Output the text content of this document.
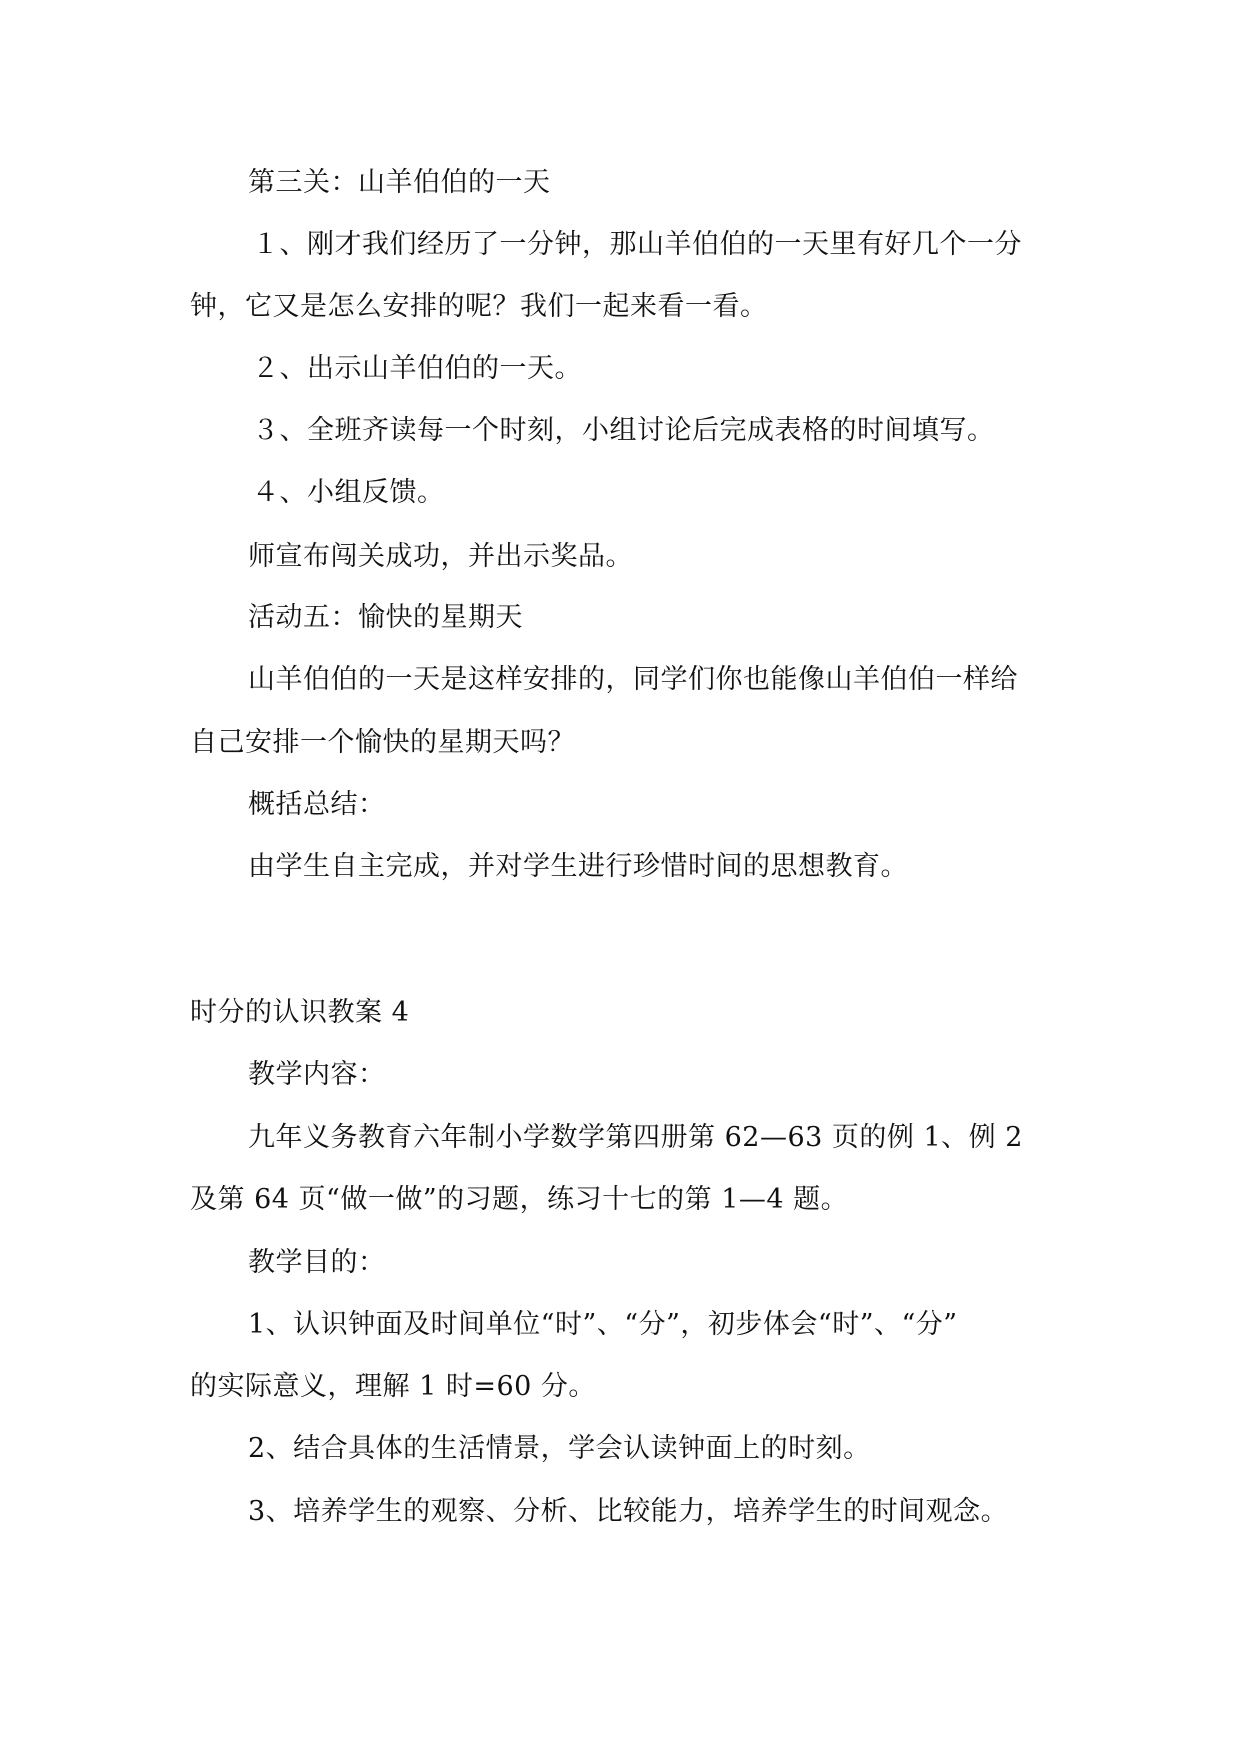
第三关：山羊伯伯的一天
１、刚才我们经历了一分钟，那山羊伯伯的一天里有好几个一分
钟，它又是怎么安排的呢？我们一起来看一看。
２、出示山羊伯伯的一天。
３、全班齐读每一个时刻，小组讨论后完成表格的时间填写。
４、小组反馈。
师宣布闯关成功，并出示奖品。
活动五：愉快的星期天
山羊伯伯的一天是这样安排的，同学们你也能像山羊伯伯一样给
自己安排一个愉快的星期天吗？
概括总结：
由学生自主完成，并对学生进行珍惜时间的思想教育。
时分的认识教案 4
教学内容：
九年义务教育六年制小学数学第四册第 62—63 页的例 1、例 2
及第 64 页“做一做”的习题，练习十七的第 1—4 题。
教学目的：
1、认识钟面及时间单位“时”、“分”，初步体会“时”、“分”
的实际意义，理解 1 时=60 分。
2、结合具体的生活情景，学会认读钟面上的时刻。
3、培养学生的观察、分析、比较能力，培养学生的时间观念。
